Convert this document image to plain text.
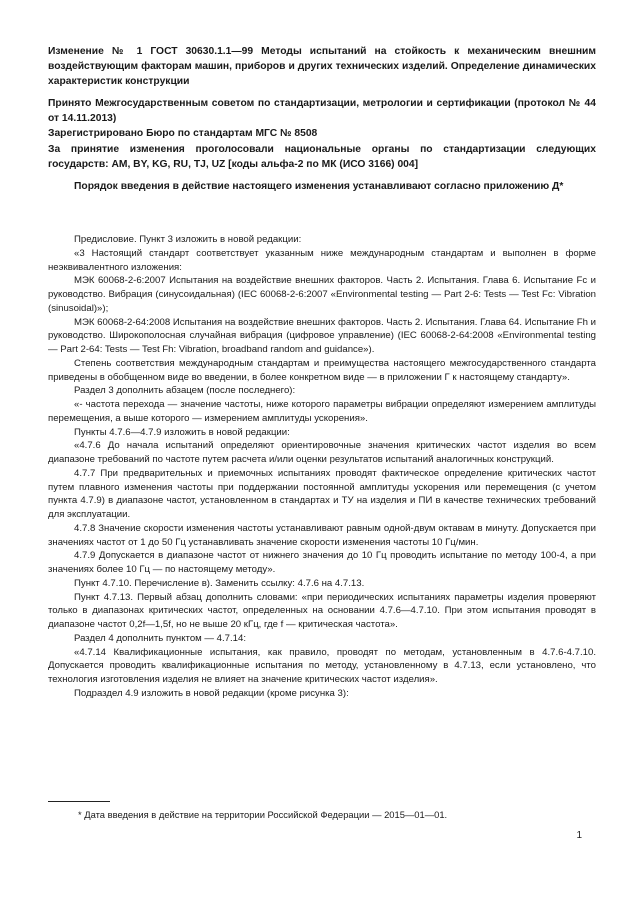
Изменение № 1 ГОСТ 30630.1.1—99 Методы испытаний на стойкость к механическим внешним воздействующим факторам машин, приборов и других технических изделий. Определение динамических характеристик конструкции
Принято Межгосударственным советом по стандартизации, метрологии и сертификации (протокол № 44 от 14.11.2013)
Зарегистрировано Бюро по стандартам МГС № 8508
За принятие изменения проголосовали национальные органы по стандартизации следующих государств: AM, BY, KG, RU, TJ, UZ [коды альфа-2 по МК (ИСО 3166) 004]
Порядок введения в действие настоящего изменения устанавливают согласно приложению Д*

Предисловие. Пункт 3 изложить в новой редакции:

«3 Настоящий стандарт соответствует указанным ниже международным стандартам и выполнен в форме неэквивалентного изложения:

МЭК 60068-2-6:2007 Испытания на воздействие внешних факторов. Часть 2. Испытания. Глава 6. Испытание Fc и руководство. Вибрация (синусоидальная) (IEC 60068-2-6:2007 «Environmental testing — Part 2-6: Tests — Test Fc: Vibration (sinusoidal)»);

МЭК 60068-2-64:2008 Испытания на воздействие внешних факторов. Часть 2. Испытания. Глава 64. Испытание Fh и руководство. Широкополосная случайная вибрация (цифровое управление) (IEC 60068-2-64:2008 «Environmental testing — Part 2-64: Tests — Test Fh: Vibration, broadband random and guidance»).

Степень соответствия международным стандартам и преимущества настоящего межгосударственного стандарта приведены в обобщенном виде во введении, в более конкретном виде — в приложении Г к настоящему стандарту».

Раздел 3 дополнить абзацем (после последнего):

«- частота перехода — значение частоты, ниже которого параметры вибрации определяют измерением амплитуды перемещения, а выше которого — измерением амплитуды ускорения».

Пункты 4.7.6—4.7.9 изложить в новой редакции:

«4.7.6 До начала испытаний определяют ориентировочные значения критических частот изделия во всем диапазоне требований по частоте путем расчета и/или оценки результатов испытаний аналогичных конструкций.

4.7.7 При предварительных и приемочных испытаниях проводят фактическое определение критических частот путем плавного изменения частоты при поддержании постоянной амплитуды ускорения или перемещения (с учетом пункта 4.7.9) в диапазоне частот, установленном в стандартах и ТУ на изделия и ПИ в качестве технических требований для эксплуатации.

4.7.8 Значение скорости изменения частоты устанавливают равным одной-двум октавам в минуту. Допускается при значениях частот от 1 до 50 Гц устанавливать значение скорости изменения частоты 10 Гц/мин.

4.7.9 Допускается в диапазоне частот от нижнего значения до 10 Гц проводить испытание по методу 100-4, а при значениях более 10 Гц — по настоящему методу».

Пункт 4.7.10. Перечисление в). Заменить ссылку: 4.7.6 на 4.7.13.

Пункт 4.7.13. Первый абзац дополнить словами: «при периодических испытаниях параметры изделия проверяют только в диапазонах критических частот, определенных на основании 4.7.6—4.7.10. При этом испытания проводят в диапазоне частот 0,2f—1,5f, но не выше 20 кГц, где f — критическая частота».

Раздел 4 дополнить пунктом — 4.7.14:

«4.7.14 Квалификационные испытания, как правило, проводят по методам, установленным в 4.7.6-4.7.10. Допускается проводить квалификационные испытания по методу, установленному в 4.7.13, если установлено, что технология изготовления изделия не влияет на значение критических частот изделия».

Подраздел 4.9 изложить в новой редакции (кроме рисунка 3):

* Дата введения в действие на территории Российской Федерации — 2015—01—01.
1
